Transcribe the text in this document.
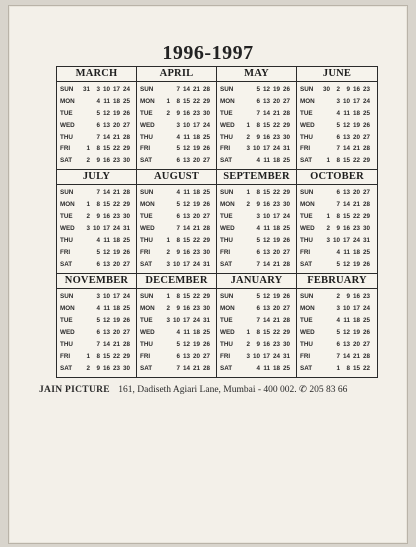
1996-1997
MARCH
SUN	31	3 10 17 24
MON	4 11 18 25
TUE	5 12 19 26
WED	6 13 20 27
THU	7 14 21 28
FRI	1	8 15 22 29
SAT	2	9 16 23 30
APRIL
SUN	7 14 21 28
MON	1	8 15 22 29
TUE	2	9 16 23 30
WED	3 10 17 24
THU	4 11 18 25
FRI	5 12 19 26
SAT	6 13 20 27
MAY
SUN	5 12 19 26
MON	6 13 20 27
TUE	7 14 21 28
WED	1	8 15 22 29
THU	2	9 16 23 30
FRI	3 10 17 24 31
SAT	4 11 18 25
JUNE
SUN	30	2	9 16 23
MON	3 10 17 24
TUE	4 11 18 25
WED	5 12 19 26
THU	6 13 20 27
FRI	7 14 21 28
SAT	1	8 15 22 29
JULY
SUN	7 14 21 28
MON	1	8 15 22 29
TUE	2	9 16 23 30
WED	3 10 17 24 31
THU	4 11 18 25
FRI	5 12 19 26
SAT	6 13 20 27
AUGUST
SUN	4 11 18 25
MON	5 12 19 26
TUE	6 13 20 27
WED	7 14 21 28
THU	1	8 15 22 29
FRI	2	9 16 23 30
SAT	3 10 17 24 31
SEPTEMBER
SUN	1	8 15 22 29
MON	2	9 16 23 30
TUE	3 10 17 24
WED	4 11 18 25
THU	5 12 19 26
FRI	6 13 20 27
SAT	7 14 21 28
OCTOBER
SUN	6 13 20 27
MON	7 14 21 28
TUE	1	8 15 22 29
WED	2	9 16 23 30
THU	3 10 17 24 31
FRI	4 11 18 25
SAT	5 12 19 26
NOVEMBER
SUN	3 10 17 24
MON	4 11 18 25
TUE	5 12 19 26
WED	6 13 20 27
THU	7 14 21 28
FRI	1	8 15 22 29
SAT	2	9 16 23 30
DECEMBER
SUN	1	8 15 22 29
MON	2	9 16 23 30
TUE	3 10 17 24 31
WED	4 11 18 25
THU	5 12 19 26
FRI	6 13 20 27
SAT	7 14 21 28
JANUARY
SUN	5 12 19 26
MON	6 13 20 27
TUE	7 14 21 28
WED	1	8 15 22 29
THU	2	9 16 23 30
FRI	3 10 17 24 31
SAT	4 11 18 25
FEBRUARY
SUN	2	9 16 23
MON	3 10 17 24
TUE	4 11 18 25
WED	5 12 19 26
THU	6 13 20 27
FRI	7 14 21 28
SAT	1	8 15 22
JAIN PICTURE 161, Dadiseth Agiari Lane, Mumbai - 400 002. ✆ 205 83 66
